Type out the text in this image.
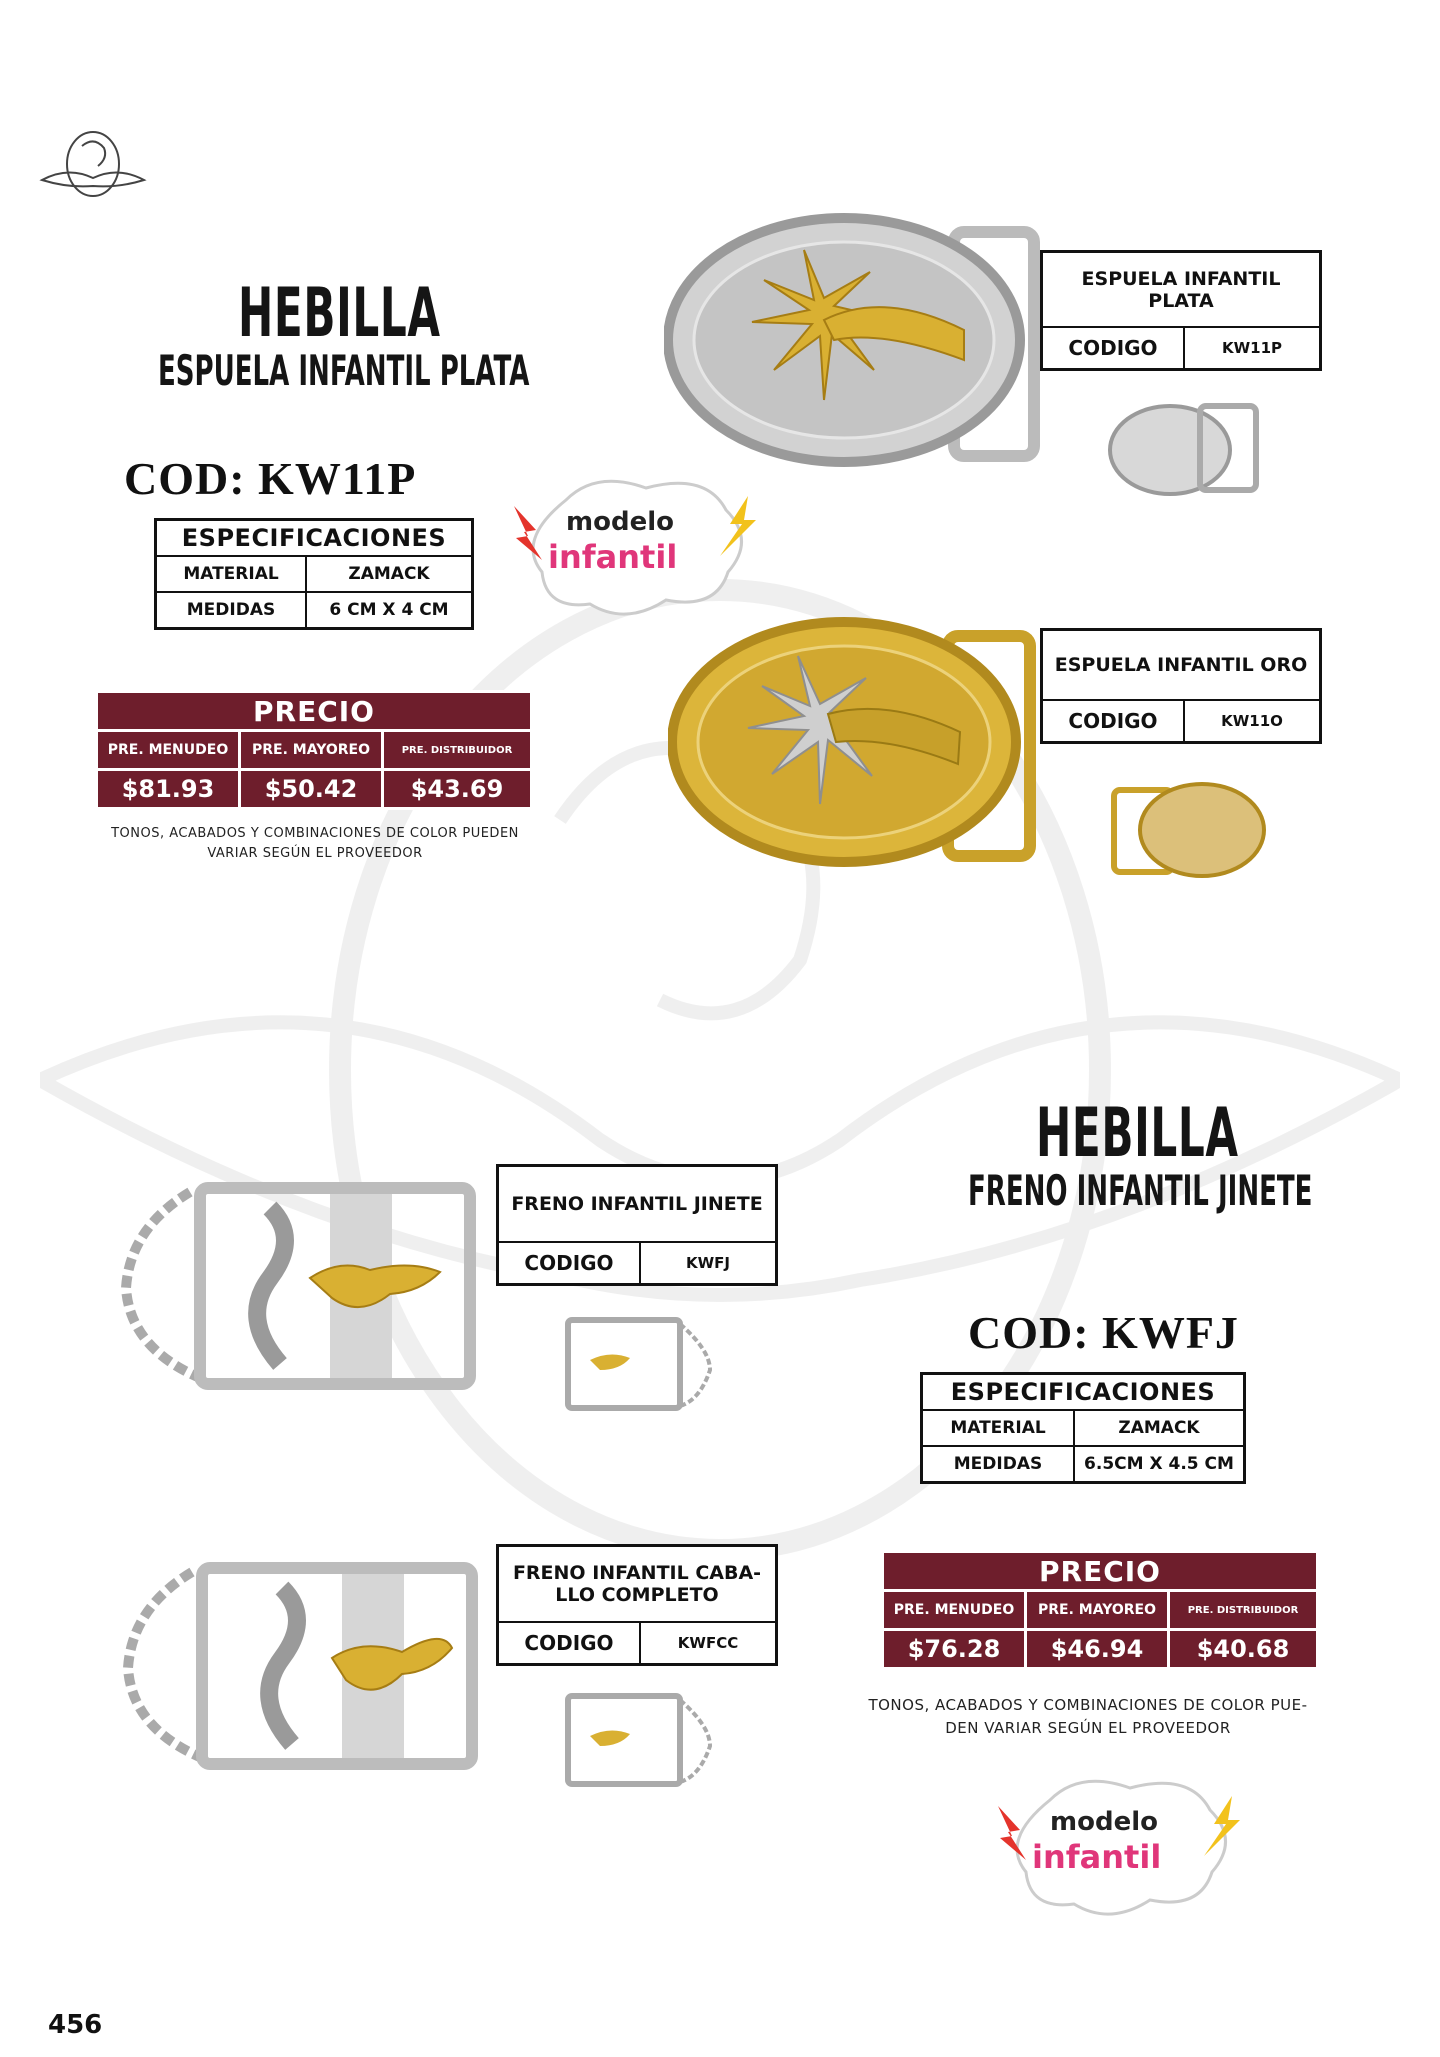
HEBILLA
ESPUELA INFANTIL PLATA
COD: KW11P
ESPECIFICACIONES	
MATERIAL	ZAMACK
MEDIDAS	6 CM X 4 CM
PRECIO		
PRE. MENUDEO	PRE. MAYOREO	PRE. DISTRIBUIDOR
$81.93	$50.42	$43.69
TONOS, ACABADOS Y COMBINACIONES DE COLOR PUEDEN
VARIAR SEGÚN EL PROVEEDOR
modelo
infantil
ESPUELA INFANTIL PLATA
CODIGO	KW11P
ESPUELA INFANTIL ORO
CODIGO	KW11O
HEBILLA
FRENO INFANTIL JINETE
COD: KWFJ
ESPECIFICACIONES	
MATERIAL	ZAMACK
MEDIDAS	6.5CM X 4.5 CM
PRECIO		
PRE. MENUDEO	PRE. MAYOREO	PRE. DISTRIBUIDOR
$76.28	$46.94	$40.68
TONOS, ACABADOS Y COMBINACIONES DE COLOR PUE-
DEN VARIAR SEGÚN EL PROVEEDOR
modelo
infantil
FRENO INFANTIL JINETE
CODIGO	KWFJ
FRENO INFANTIL CABA-
LLO COMPLETO
CODIGO	KWFCC
456
